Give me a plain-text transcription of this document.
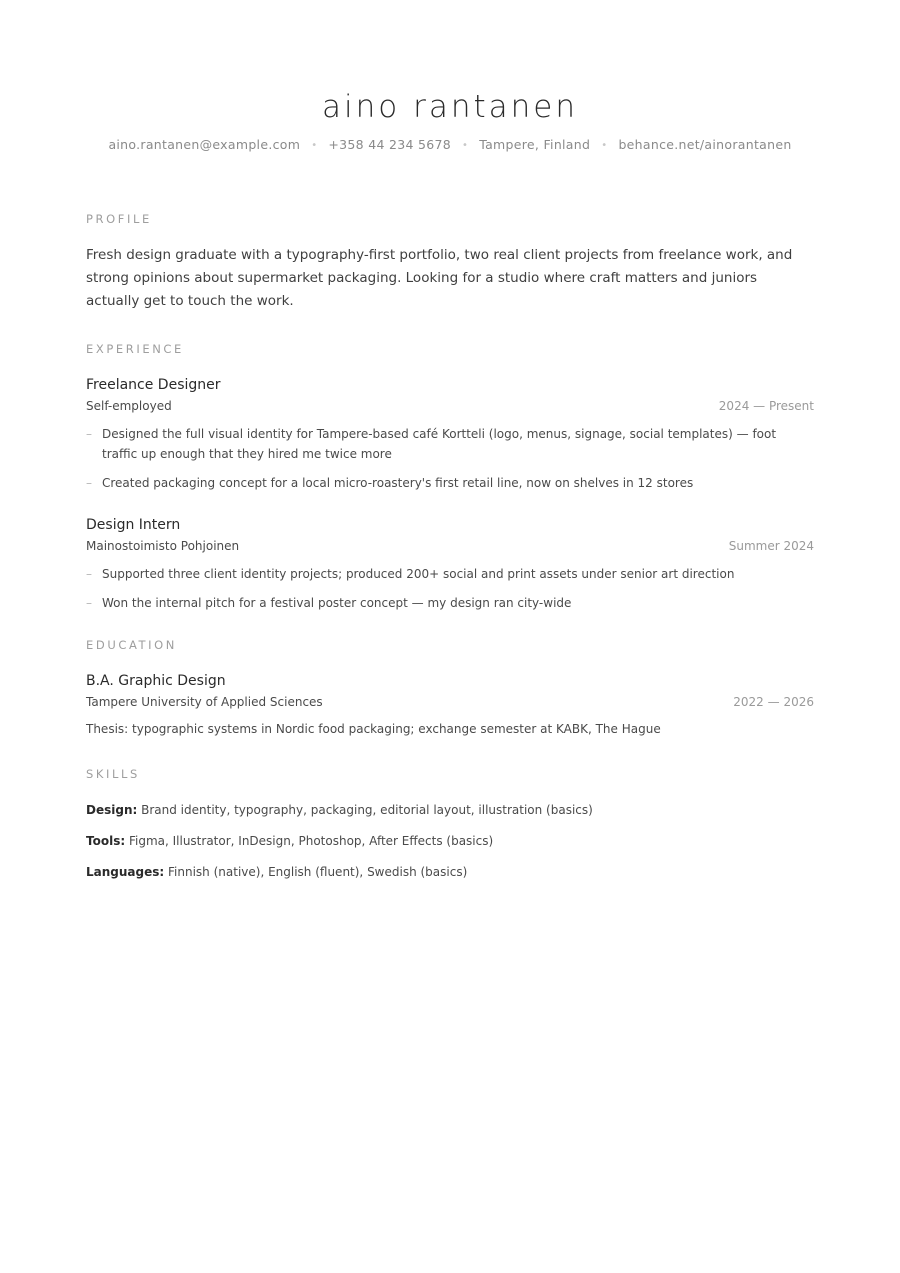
aino rantanen
aino.rantanen@example.com • +358 44 234 5678 • Tampere, Finland • behance.net/ainorantanen
PROFILE

Fresh design graduate with a typography-first portfolio, two real client projects from freelance work, and strong opinions about supermarket packaging. Looking for a studio where craft matters and juniors actually get to touch the work.

EXPERIENCE
Freelance Designer
Self-employed	2024 — Present
– Designed the full visual identity for Tampere-based café Kortteli (logo, menus, signage, social templates) — foot traffic up enough that they hired me twice more
– Created packaging concept for a local micro-roastery's first retail line, now on shelves in 12 stores
Design Intern
Mainostoimisto Pohjoinen	Summer 2024
– Supported three client identity projects; produced 200+ social and print assets under senior art direction
– Won the internal pitch for a festival poster concept — my design ran city-wide
EDUCATION
B.A. Graphic Design
Tampere University of Applied Sciences	2022 — 2026
Thesis: typographic systems in Nordic food packaging; exchange semester at KABK, The Hague
SKILLS
Design: Brand identity, typography, packaging, editorial layout, illustration (basics)
Tools: Figma, Illustrator, InDesign, Photoshop, After Effects (basics)
Languages: Finnish (native), English (fluent), Swedish (basics)
